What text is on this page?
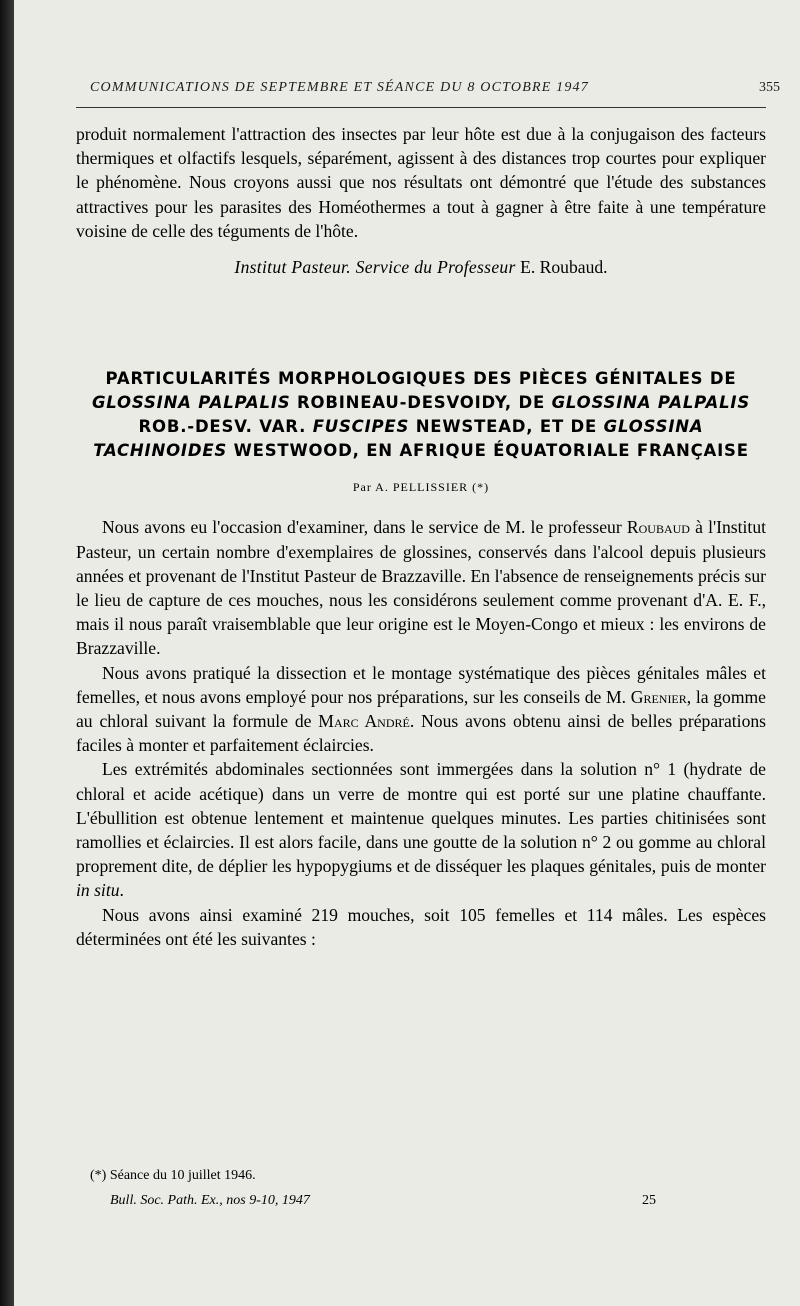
COMMUNICATIONS DE SEPTEMBRE ET SÉANCE DU 8 OCTOBRE 1947	355

produit normalement l'attraction des insectes par leur hôte est due à la conjugaison des facteurs thermiques et olfactifs lesquels, séparément, agissent à des distances trop courtes pour expliquer le phénomène. Nous croyons aussi que nos résultats ont démontré que l'étude des substances attractives pour les parasites des Homéothermes a tout à gagner à être faite à une température voisine de celle des téguments de l'hôte.

Institut Pasteur. Service du Professeur E. Roubaud.
PARTICULARITÉS MORPHOLOGIQUES DES PIÈCES GÉNITALES DE GLOSSINA PALPALIS ROBINEAU-DESVOIDY, DE GLOSSINA PALPALIS ROB.-DESV. VAR. FUSCIPES NEWSTEAD, ET DE GLOSSINA TACHINOIDES WESTWOOD, EN AFRIQUE ÉQUATORIALE FRANÇAISE
Par A. PELLISSIER (*)

Nous avons eu l'occasion d'examiner, dans le service de M. le professeur Roubaud à l'Institut Pasteur, un certain nombre d'exemplaires de glossines, conservés dans l'alcool depuis plusieurs années et provenant de l'Institut Pasteur de Brazzaville. En l'absence de renseignements précis sur le lieu de capture de ces mouches, nous les considérons seulement comme provenant d'A. E. F., mais il nous paraît vraisemblable que leur origine est le Moyen-Congo et mieux : les environs de Brazzaville.

Nous avons pratiqué la dissection et le montage systématique des pièces génitales mâles et femelles, et nous avons employé pour nos préparations, sur les conseils de M. Grenier, la gomme au chloral suivant la formule de Marc André. Nous avons obtenu ainsi de belles préparations faciles à monter et parfaitement éclaircies.

Les extrémités abdominales sectionnées sont immergées dans la solution n° 1 (hydrate de chloral et acide acétique) dans un verre de montre qui est porté sur une platine chauffante. L'ébullition est obtenue lentement et maintenue quelques minutes. Les parties chitinisées sont ramollies et éclaircies. Il est alors facile, dans une goutte de la solution n° 2 ou gomme au chloral proprement dite, de déplier les hypopygiums et de disséquer les plaques génitales, puis de monter in situ.

Nous avons ainsi examiné 219 mouches, soit 105 femelles et 114 mâles. Les espèces déterminées ont été les suivantes :

(*) Séance du 10 juillet 1946.
Bull. Soc. Path. Ex., nos 9-10, 1947	25
